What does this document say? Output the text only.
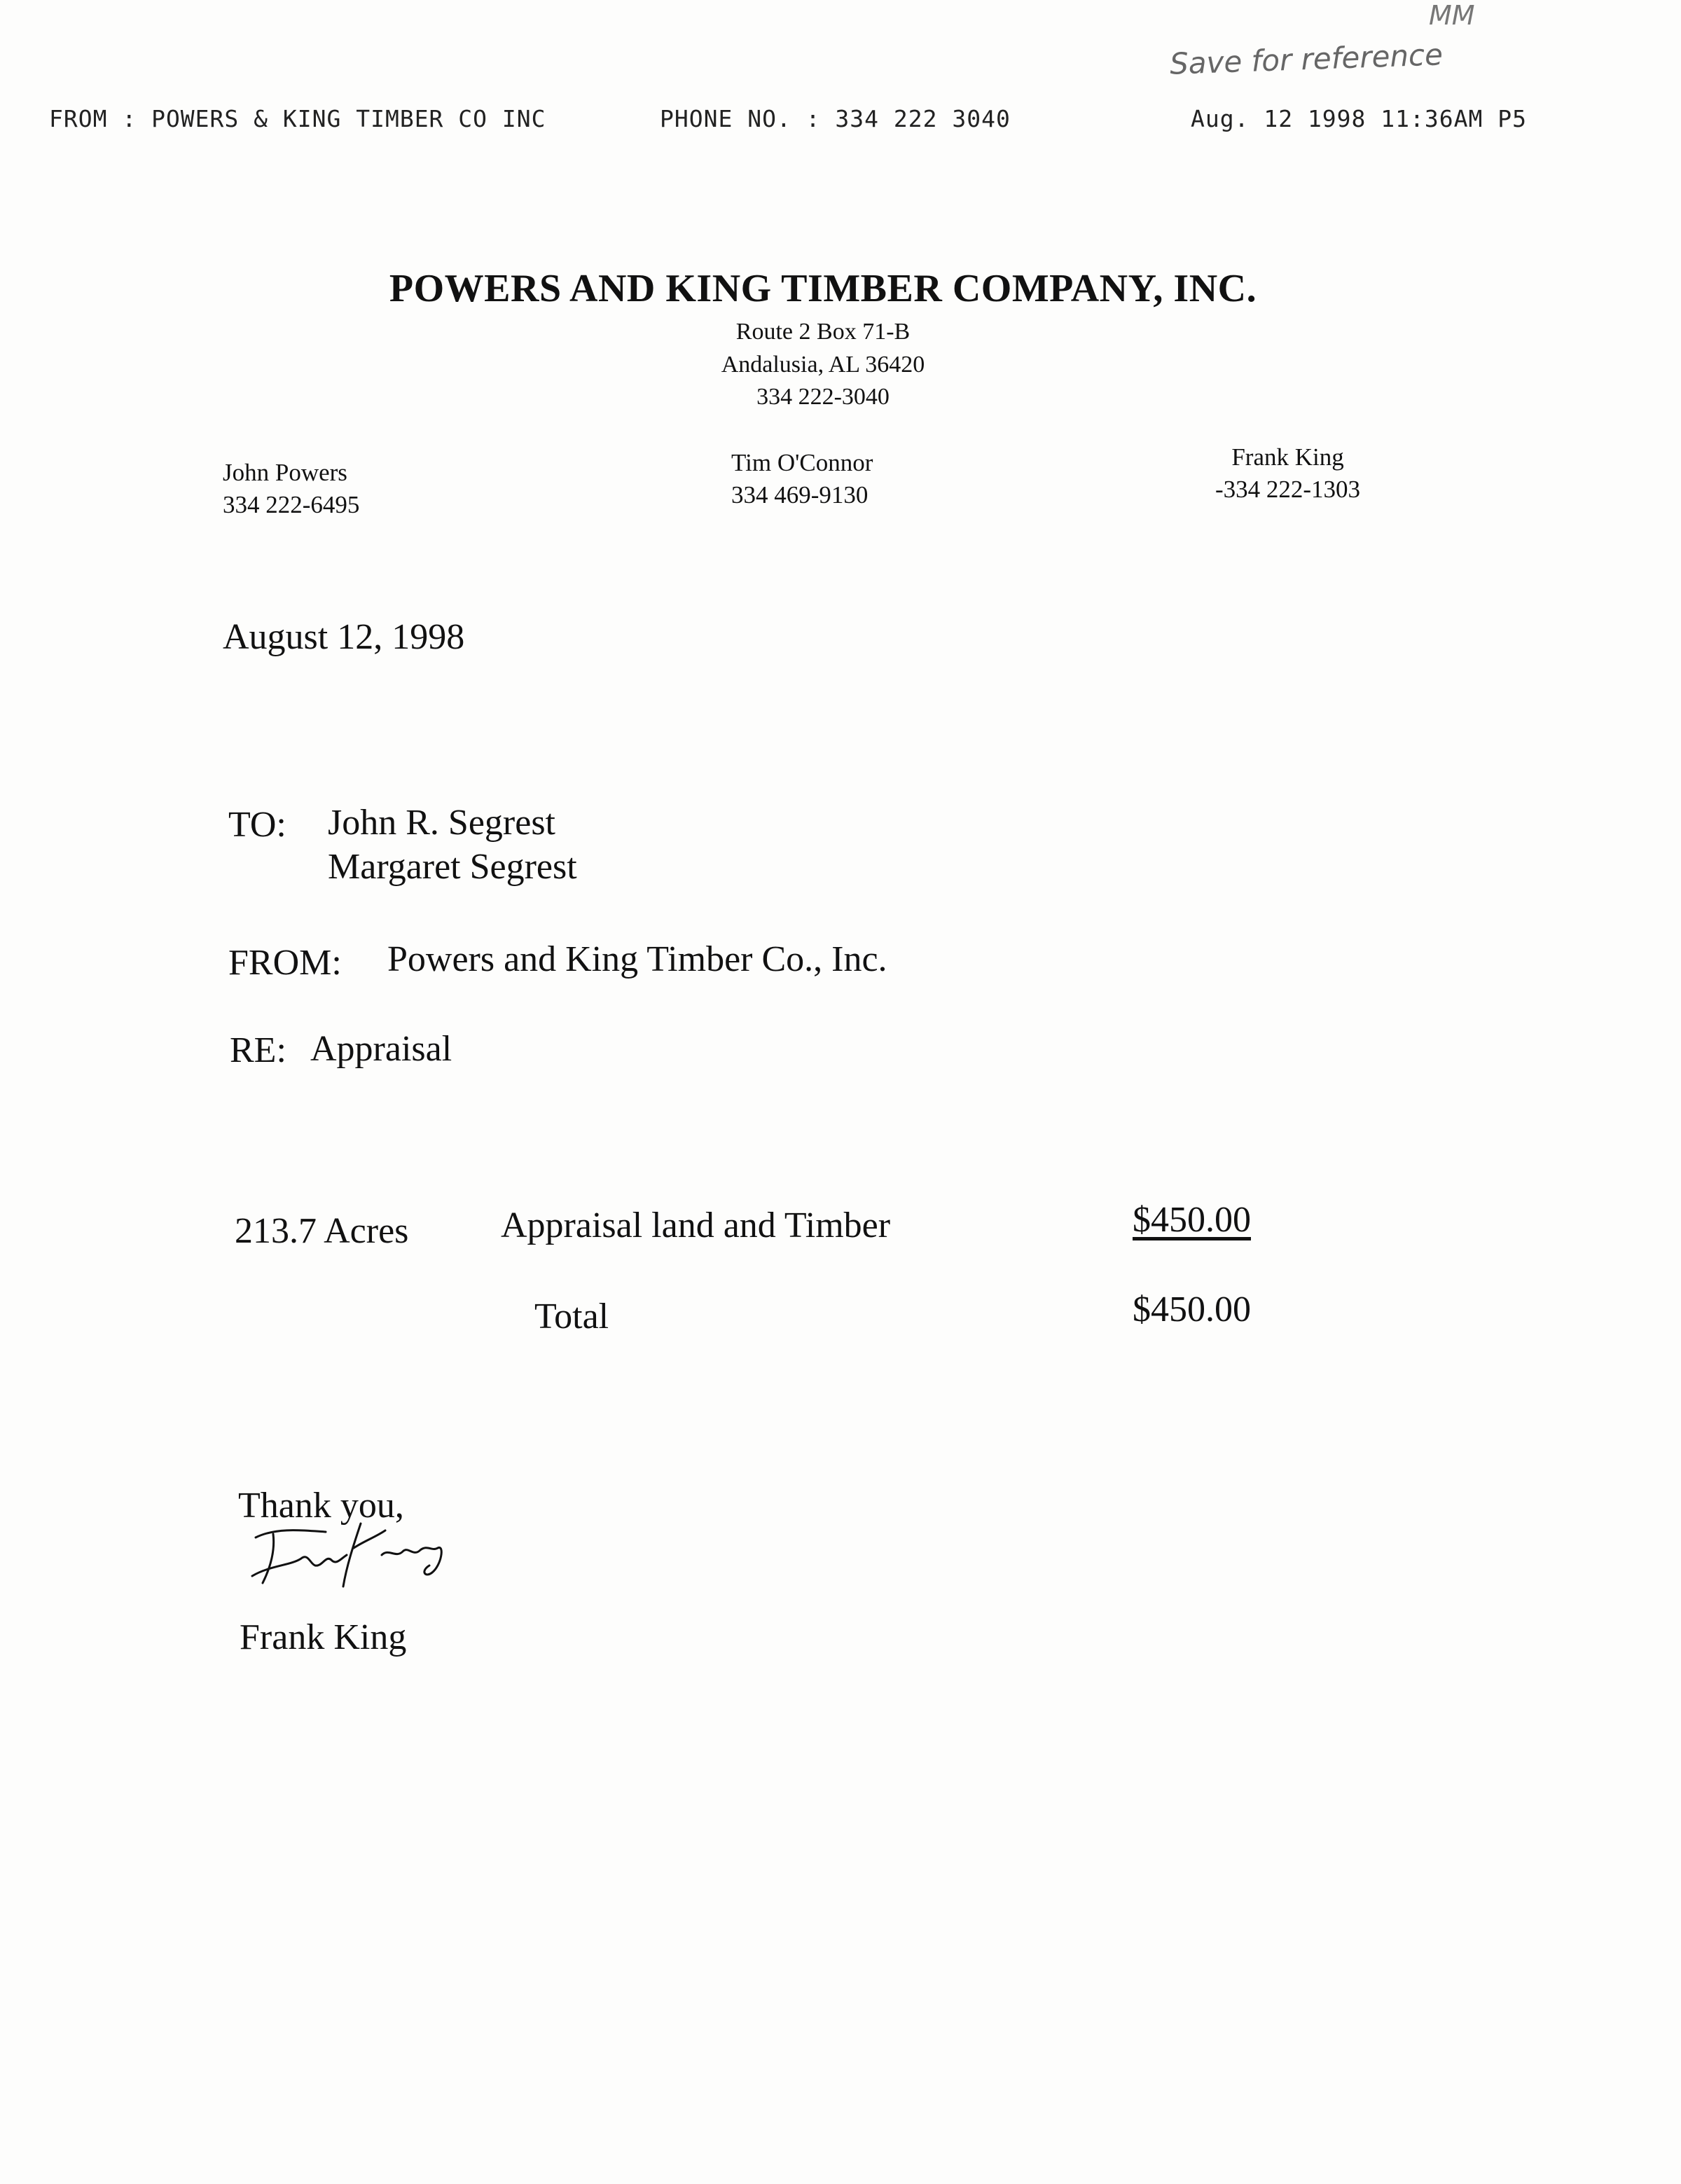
MM
Save for reference
FROM : POWERS & KING TIMBER CO INC	PHONE NO. : 334 222 3040	Aug. 12 1998 11:36AM P5
POWERS AND KING TIMBER COMPANY, INC.
Route 2 Box 71-B
Andalusia, AL 36420
334 222-3040
John Powers
334 222-6495
Tim O'Connor
334 469-9130
Frank King
-334 222-1303
August 12, 1998
TO: John R. Segrest
Margaret Segrest
FROM: Powers and King Timber Co., Inc.
RE: Appraisal
213.7 Acres	Appraisal land and Timber	$450.00
Total	$450.00
Thank you,
Frank King
